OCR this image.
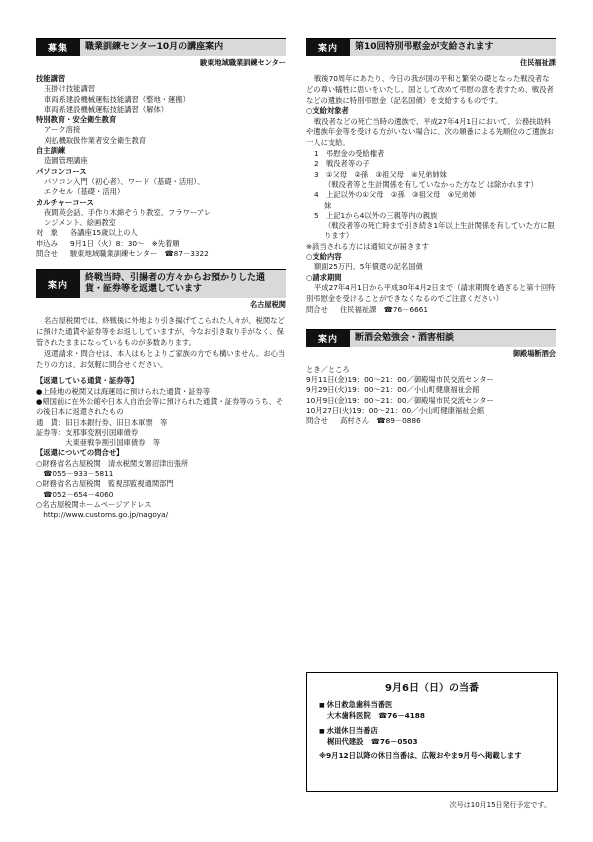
募集	職業訓練センター10月の講座案内
駿東地域職業訓練センター
技能講習
玉掛け技能講習
車両系建設機械運転技能講習（整地・運搬）
車両系建設機械運転技能講習（解体）
特別教育・安全衛生教育
アーク溶接
刈払機取扱作業者安全衛生教育
自主訓練
造園管理講座
パソコンコース
パソコン入門（初心者）、ワード（基礎・活用）、
エクセル（基礎・活用）
カルチャーコース
夜間英会話、手作り木綿ぞうり教室、フラワーアレ
ンジメント、絵画教室
対　象	各講座15歳以上の人
申込み	9月1日（火）8：30～　※先着順
問合せ	駿東地域職業訓練センター　☎87－3322
案内
終戦当時、引揚者の方々からお預かりした通貨・証券等を返還しています
名古屋税関

名古屋税関では、終戦後に外地より引き揚げてこられた人々が、税関などに預けた通貨や証券等をお返ししていますが、今なお引き取り手がなく、保管されたままになっているものが多数あります。

返還請求・問合せは、本人はもとよりご家族の方でも構いません。お心当たりの方は、お気軽に問合せください。

【返還している通貨・証券等】
●上陸地の税関又は海運局に預けられた通貨・証券等
●帰国前に在外公館や日本人自治会等に預けられた通貨・証券等のうち、その後日本に返還されたもの
通　貨：旧日本銀行券、旧日本軍票　等
証券等：支那事変割引国庫債券
　　　　大東亜戦争割引国庫債券　等
【返還についての問合せ】
○財務省名古屋税関　清水税関支署沼津出張所
　☎055－933－5811
○財務省名古屋税関　監視部監視通関部門
　☎052－654－4060
○名古屋税関ホームページアドレス
　http://www.customs.go.jp/nagoya/
案内	第10回特別弔慰金が支給されます
住民福祉課

戦後70周年にあたり、今日の我が国の平和と繁栄の礎となった戦没者などの尊い犠牲に思いをいたし、国として改めて弔慰の意を表すため、戦没者などの遺族に特別弔慰金（記名国債）を支給するものです。

○支給対象者

戦没者などの死亡当時の遺族で、平成27年4月1日において、公務扶助料や遺族年金等を受ける方がいない場合に、次の順番による先順位のご遺族お一人に支給。

1　弔慰金の受給権者
2　戦没者等の子
3　①父母　②孫　③祖父母　④兄弟姉妹
（戦没者等と生計関係を有していなかった方など は除かれます）
4　上記以外の①父母　②孫　③祖父母　④兄弟姉
妹
5　上記1から4以外の三親等内の親族
（戦没者等の死亡時まで引き続き1年以上生計関係を有していた方に限ります）
※該当される方には通知文が届きます
○支給内容
額面25万円、5年償還の記名国債
○請求期間

平成27年4月1日から平成30年4月2日まで（請求期間を過ぎると第十回特別弔慰金を受けることができなくなるのでご注意ください）

問合せ	住民福祉課　☎76－6661
案内	断酒会勉強会・酒害相談
御殿場断酒会
とき／ところ
9月11日(金)19：00～21：00／御殿場市民交流センター
9月29日(火)19：00～21：00／小山町健康福祉会館
10月9日(金)19：00～21：00／御殿場市民交流センター
10月27日(火)19：00～21：00／小山町健康福祉会館
問合せ	高村さん　☎89－0886
9月6日（日）の当番
■ 休日救急歯科当番医
大木歯科医院　☎76－4188
■ 水道休日当番店
梶田代建設　☎76－0503
※9月12日以降の休日当番は、広報おやま9月号へ掲載します
次号は10月15日発行予定です。
